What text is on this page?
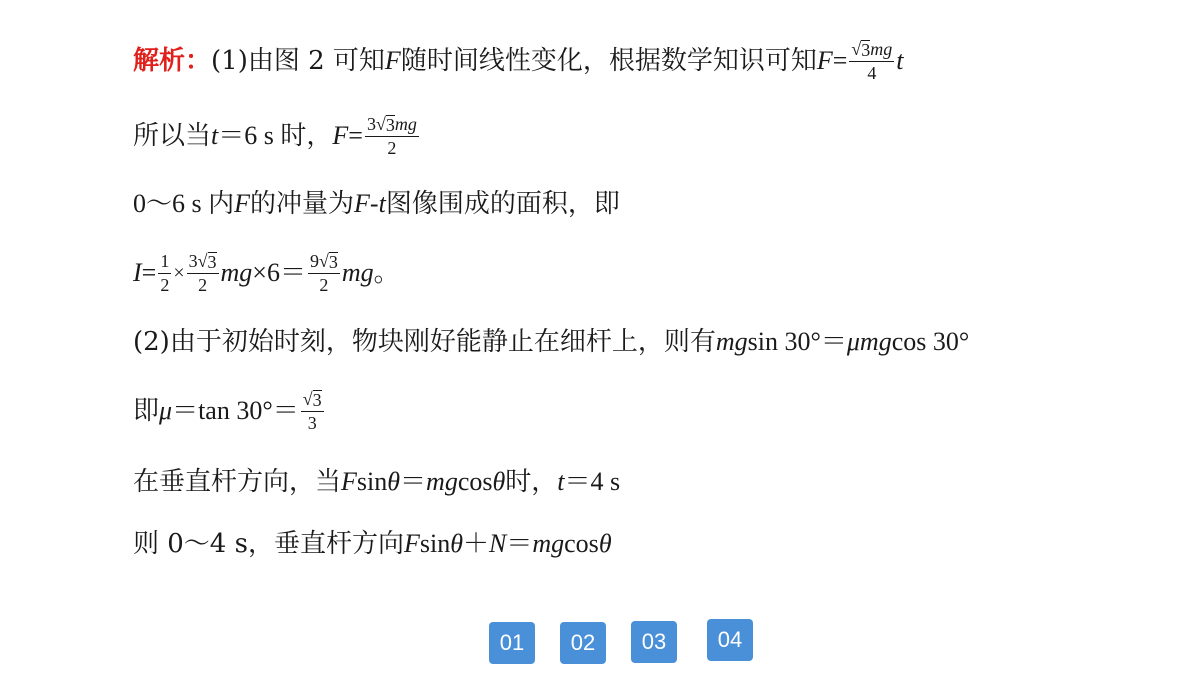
解析： (1)由图 2 可知 F 随时间线性变化，根据数学知识可知 $F = \frac{√ 3 mg}{4}$ t
所以当 t ＝6 s 时， $F = \frac{3 √ 3 mg}{2}$
0～6 s 内 F 的冲量为 F - t 图像围成的面积，即
$I = \frac{1}{2} \times \frac{3 √ 3}{2}$ mg $\times 6= \frac{9 √ 3}{2}$ mg 。
(2)由于初始时刻，物块刚好能静止在细杆上，则有 mg sin 30°＝ μmg cos 30°
即 μ ＝tan $30^\circ= \frac{√ 3}{3}$
在垂直杆方向，当 F sin θ ＝ mg cos θ 时， t ＝4 s
则 0～4 s，垂直杆方向 F sin θ ＋ N ＝ mg cos θ
01	02	03	04
